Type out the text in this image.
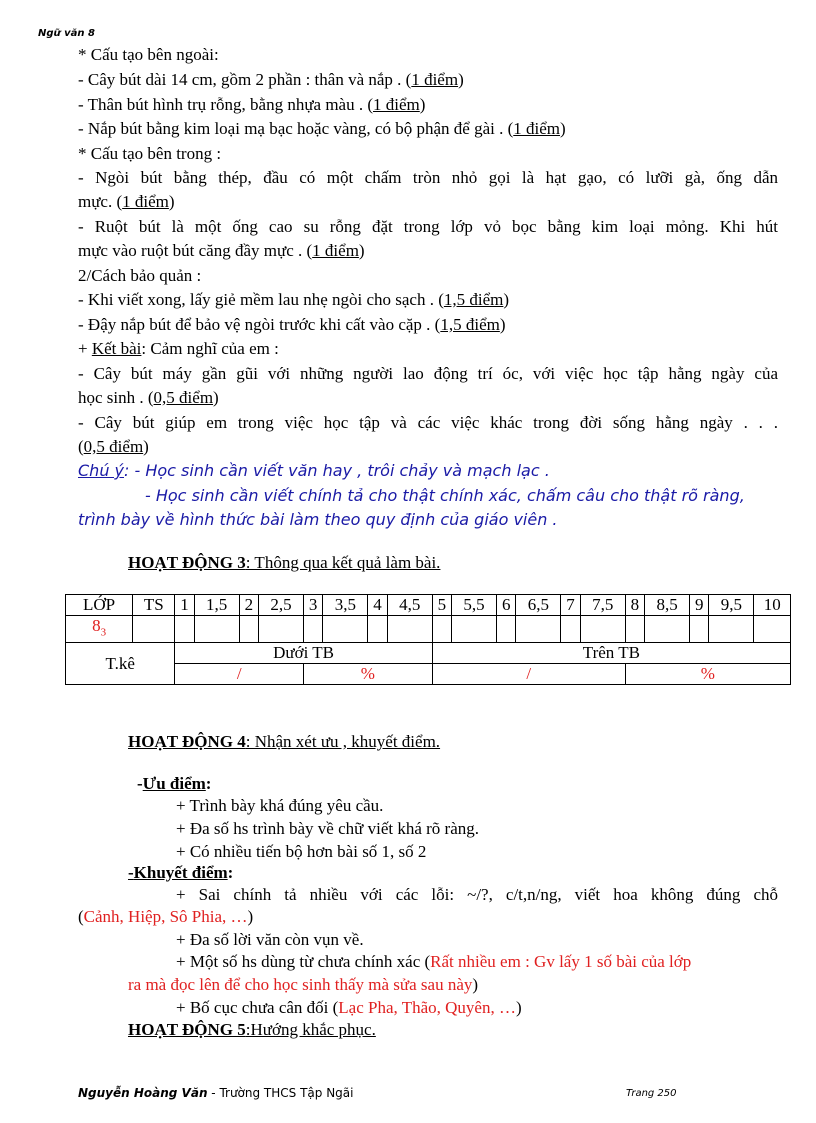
Ngữ văn 8
* Cấu tạo bên ngoài:
- Cây bút dài 14 cm, gồm 2 phần : thân và nắp . (1 điểm)
- Thân bút hình trụ rỗng, bằng nhựa màu . (1 điểm)
- Nắp bút bằng kim loại mạ bạc hoặc vàng, có bộ phận để gài . (1 điểm)
* Cấu tạo bên trong :
- Ngòi bút bằng thép, đầu có một chấm tròn nhỏ gọi là hạt gạo, có lưỡi gà, ống dẫn
mực. (1 điểm)
- Ruột bút là một ống cao su rỗng đặt trong lớp vỏ bọc bằng kim loại mỏng. Khi hút
mực vào ruột bút căng đầy mực . (1 điểm)
2/Cách bảo quản :
- Khi viết xong, lấy giẻ mềm lau nhẹ ngòi cho sạch . (1,5 điểm)
- Đậy nắp bút để bảo vệ ngòi trước khi cất vào cặp . (1,5 điểm)
+ Kết bài: Cảm nghĩ của em :
- Cây bút máy gần gũi với những người lao động trí óc, với việc học tập hằng ngày của
học sinh . (0,5 điểm)
- Cây bút giúp em trong việc học tập và các việc khác trong đời sống hằng ngày . . .
(0,5 điểm)
Chú ý: - Học sinh cần viết văn hay , trôi chảy và mạch lạc .
- Học sinh cần viết chính tả cho thật chính xác, chấm câu cho thật rõ ràng,
trình bày về hình thức bài làm theo quy định của giáo viên .
HOẠT ĐỘNG 3: Thông qua kết quả làm bài.
LỚP	TS	1	1,5	2	2,5	3	3,5	4	4,5	5	5,5	6	6,5	7	7,5	8	8,5	9	9,5	10
$8_3$																				
T.kê		Dưới TB								Trên TB										
		/				%				/						%				
HOẠT ĐỘNG 4: Nhận xét ưu , khuyết điểm.
-Ưu điểm:
+ Trình bày khá đúng yêu cầu.
+ Đa số hs trình bày về chữ viết khá rõ ràng.
+ Có nhiều tiến bộ hơn bài số 1, số 2
-Khuyết điểm:
+ Sai chính tả nhiều với các lỗi: ~/?, c/t,n/ng, viết hoa không đúng chỗ
(Cảnh, Hiệp, Sô Phia, …)
+ Đa số lời văn còn vụn về.
+ Một số hs dùng từ chưa chính xác (Rất nhiều em : Gv lấy 1 số bài của lớp
ra mà đọc lên để cho học sinh thấy mà sửa sau này)
+ Bố cục chưa cân đối (Lạc Pha, Thão, Quyên, …)
HOẠT ĐỘNG 5:Hướng khắc phục.
Nguyễn Hoàng Văn - Trường THCS Tập Ngãi	Trang 250
